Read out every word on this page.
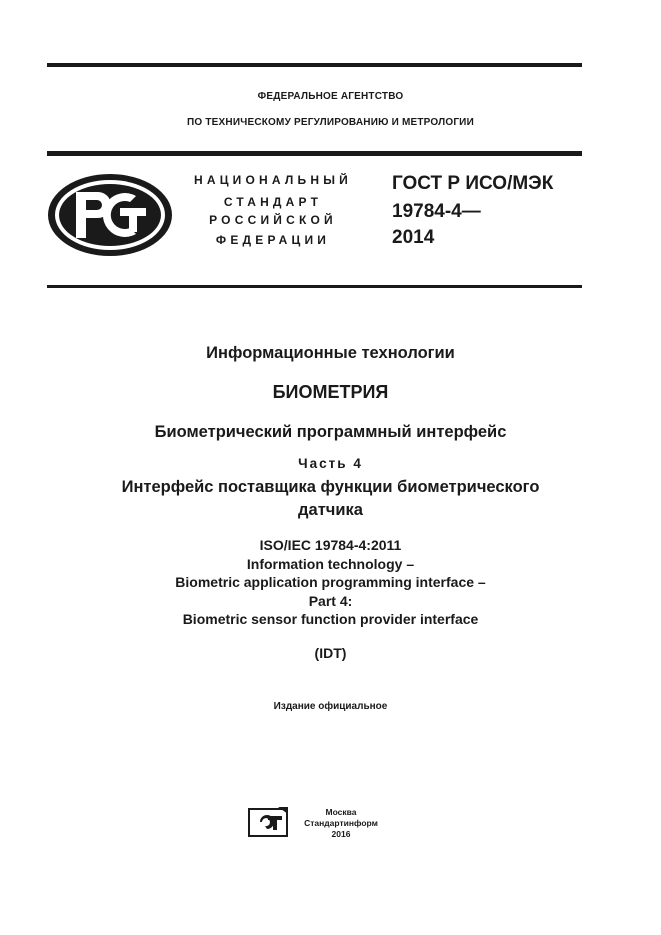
ФЕДЕРАЛЬНОЕ АГЕНТСТВО
ПО ТЕХНИЧЕСКОМУ РЕГУЛИРОВАНИЮ И МЕТРОЛОГИИ
НАЦИОНАЛЬНЫЙ
СТАНДАРТ
РОССИЙСКОЙ
ФЕДЕРАЦИИ
ГОСТ Р ИСО/МЭК
19784-4—
2014
Информационные технологии
БИОМЕТРИЯ
Биометрический программный интерфейс
Часть 4
Интерфейс поставщика функции биометрического
датчика
ISO/IEC 19784-4:2011
Information technology –
Biometric application programming interface –
Part 4:
Biometric sensor function provider interface
(IDT)
Издание официальное
Москва
Стандартинформ
2016
